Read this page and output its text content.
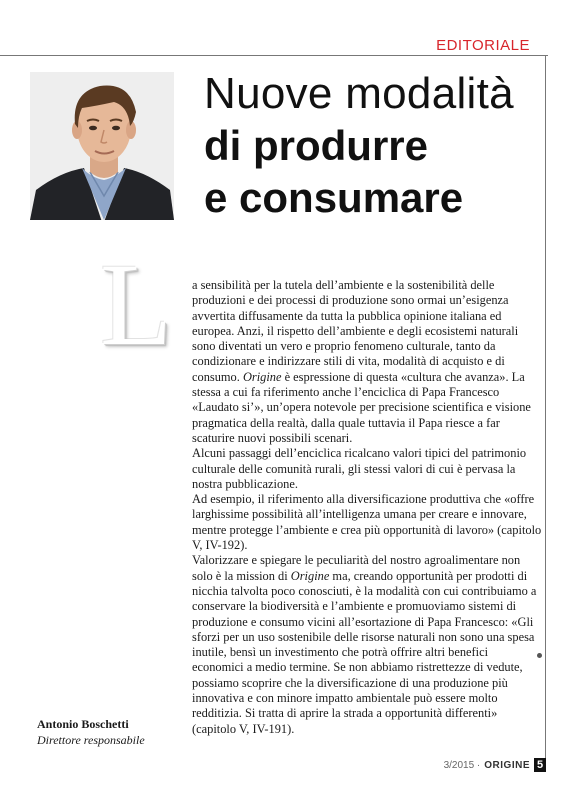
EDITORIALE
Nuove modalità
di produrre
e consumare
L a sensibilità per la tutela dell’ambiente e la sostenibilità delle produzioni e dei processi di produzione sono ormai un’esigenza avvertita diffusamente da tutta la pubblica opinione italiana ed europea. Anzi, il rispetto dell’ambiente e degli ecosistemi naturali sono diventati un vero e proprio fenomeno culturale, tanto da condizionare e indirizzare stili di vita, modalità di acquisto e di consumo. Origine è espressione di questa «cultura che avanza». La stessa a cui fa riferimento anche l’enciclica di Papa Francesco «Laudato si’», un’opera notevole per precisione scientifica e visione pragmatica della realtà, dalla quale tuttavia il Papa riesce a far scaturire nuovi possibili scenari.

Alcuni passaggi dell’enciclica ricalcano valori tipici del patrimonio culturale delle comunità rurali, gli stessi valori di cui è pervasa la nostra pubblicazione.

Ad esempio, il riferimento alla diversificazione produttiva che «offre larghissime possibilità all’intelligenza umana per creare e innovare, mentre protegge l’ambiente e crea più opportunità di lavoro» (capitolo V, IV-192).

Valorizzare e spiegare le peculiarità del nostro agroalimentare non solo è la mission di Origine ma, creando opportunità per prodotti di nicchia talvolta poco conosciuti, è la modalità con cui contribuiamo a conservare la biodiversità e l’ambiente e promuoviamo sistemi di produzione e consumo vicini all’esortazione di Papa Francesco: «Gli sforzi per un uso sostenibile delle risorse naturali non sono una spesa inutile, bensì un investimento che potrà offrire altri benefici economici a medio termine. Se non abbiamo ristrettezze di vedute, possiamo scoprire che la diversificazione di una produzione più innovativa e con minore impatto ambientale può essere molto redditizia. Si tratta di aprire la strada a opportunità differenti» (capitolo V, IV-191).

Antonio Boschetti
Direttore responsabile
3/2015 · ORIGINE 5
